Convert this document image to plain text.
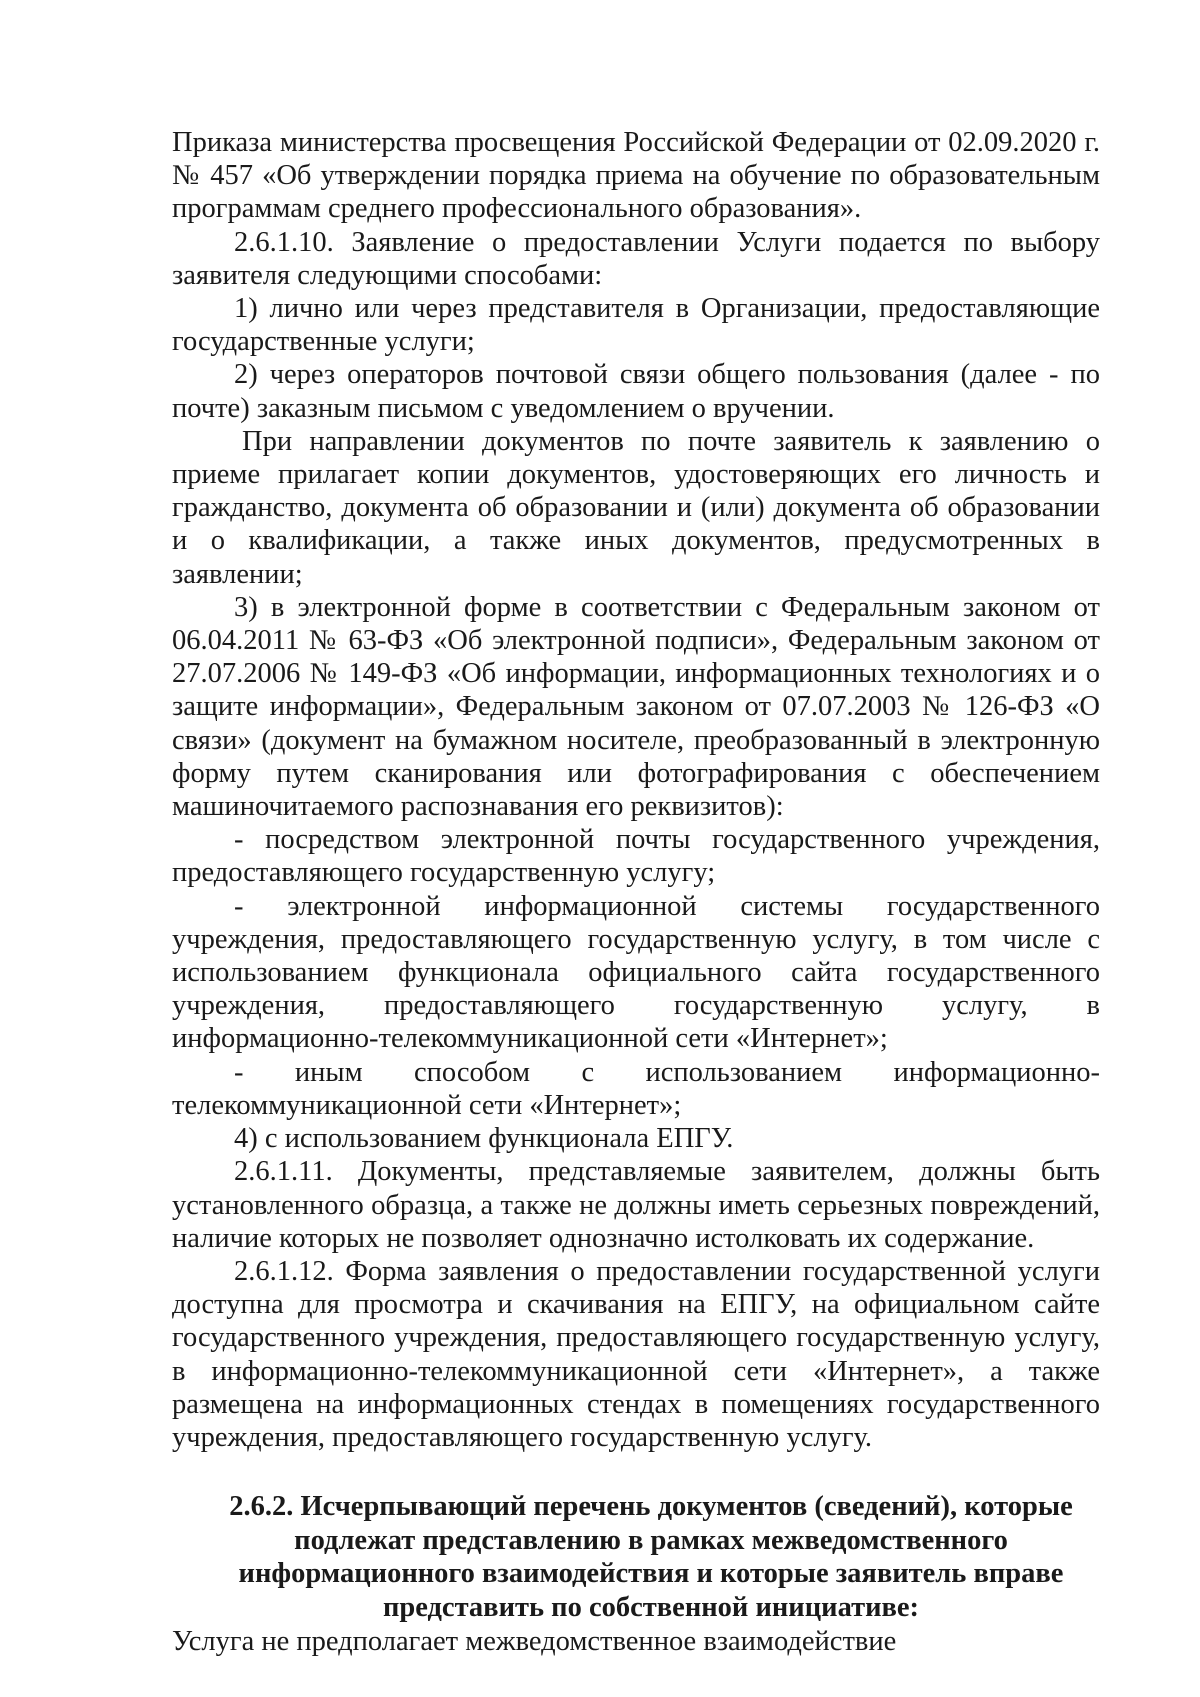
Приказа министерства просвещения Российской Федерации от 02.09.2020 г. № 457 «Об утверждении порядка приема на обучение по образовательным программам среднего профессионального образования».

2.6.1.10. Заявление о предоставлении Услуги подается по выбору заявителя следующими способами:

1) лично или через представителя в Организации, предоставляющие государственные услуги;

2) через операторов почтовой связи общего пользования (далее - по почте) заказным письмом с уведомлением о вручении.

При направлении документов по почте заявитель к заявлению о приеме прилагает копии документов, удостоверяющих его личность и гражданство, документа об образовании и (или) документа об образовании и о квалификации, а также иных документов, предусмотренных в заявлении;

3) в электронной форме в соответствии с Федеральным законом от 06.04.2011 № 63-ФЗ «Об электронной подписи», Федеральным законом от 27.07.2006 № 149-ФЗ «Об информации, информационных технологиях и о защите информации», Федеральным законом от 07.07.2003 № 126-ФЗ «О связи» (документ на бумажном носителе, преобразованный в электронную форму путем сканирования или фотографирования с обеспечением машиночитаемого распознавания его реквизитов):

- посредством электронной почты государственного учреждения, предоставляющего государственную услугу;

- электронной информационной системы государственного учреждения, предоставляющего государственную услугу, в том числе с использованием функционала официального сайта государственного учреждения, предоставляющего государственную услугу, в информационно-телекоммуникационной сети «Интернет»;

- иным способом с использованием информационно-телекоммуникационной сети «Интернет»;

4) с использованием функционала ЕПГУ.

2.6.1.11. Документы, представляемые заявителем, должны быть установленного образца, а также не должны иметь серьезных повреждений, наличие которых не позволяет однозначно истолковать их содержание.

2.6.1.12. Форма заявления о предоставлении государственной услуги доступна для просмотра и скачивания на ЕПГУ, на официальном сайте государственного учреждения, предоставляющего государственную услугу, в информационно-телекоммуникационной сети «Интернет», а также размещена на информационных стендах в помещениях государственного учреждения, предоставляющего государственную услугу.

2.6.2. Исчерпывающий перечень документов (сведений), которые подлежат представлению в рамках межведомственного информационного взаимодействия и которые заявитель вправе представить по собственной инициативе:

Услуга не предполагает межведомственное взаимодействие
